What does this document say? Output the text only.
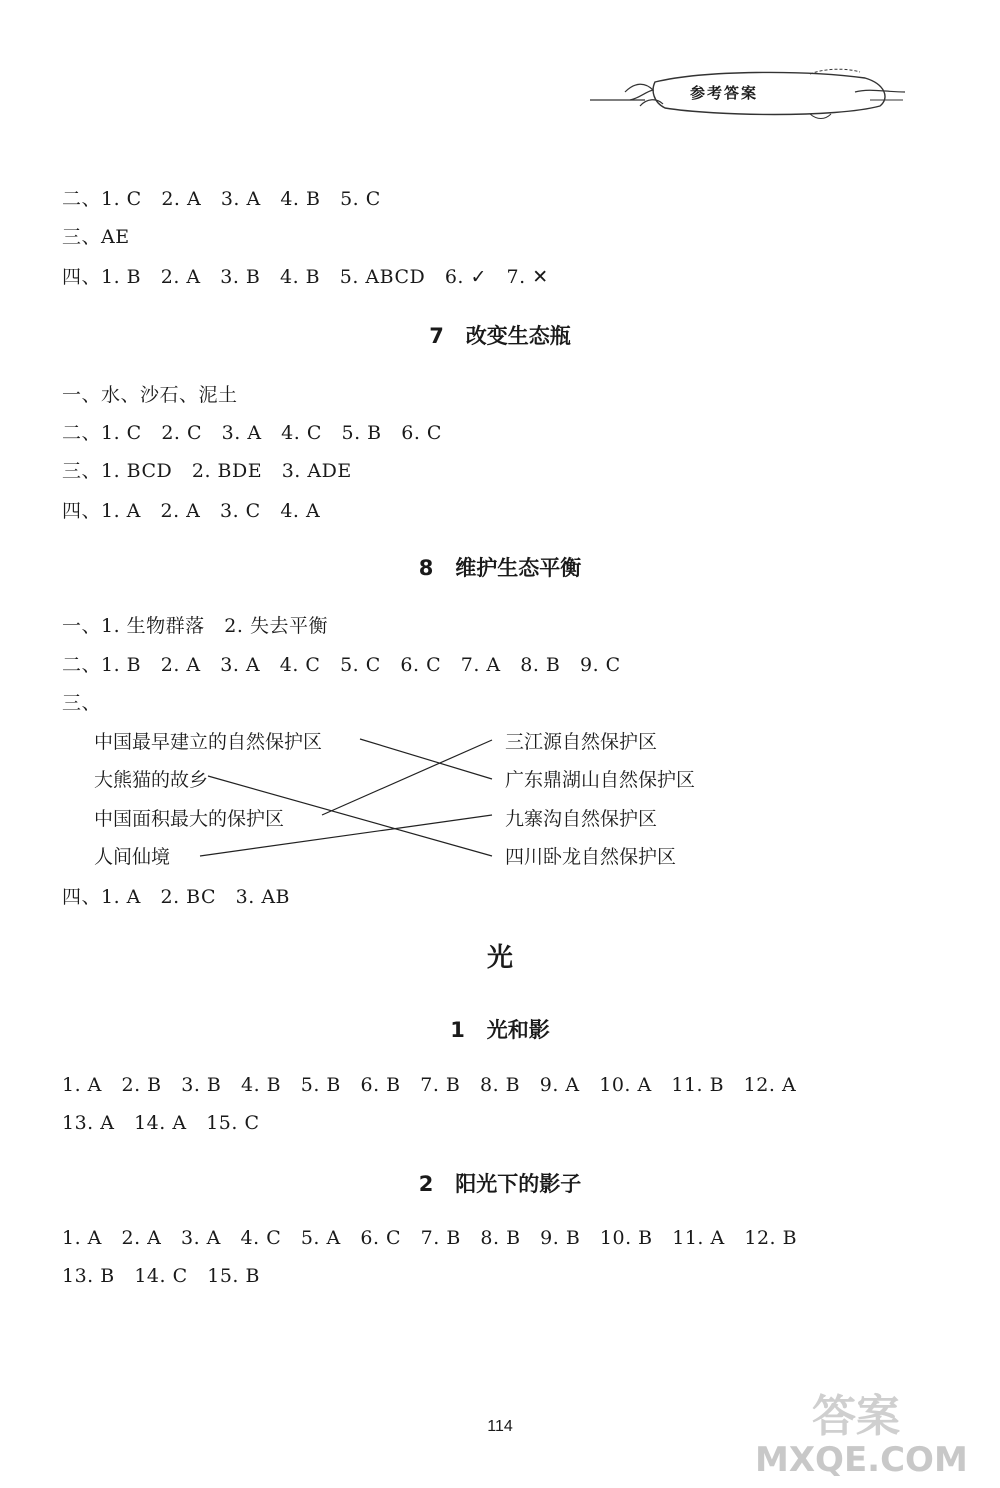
参考答案
二、1. C   2. A   3. A   4. B   5. C
三、AE
四、1. B   2. A   3. B   4. B   5. ABCD   6. ✓   7. ✕
7   改变生态瓶
一、水、沙石、泥土
二、1. C   2. C   3. A   4. C   5. B   6. C
三、1. BCD   2. BDE   3. ADE
四、1. A   2. A   3. C   4. A
8   维护生态平衡
一、1. 生物群落   2. 失去平衡
二、1. B   2. A   3. A   4. C   5. C   6. C   7. A   8. B   9. C
三、
中国最早建立的自然保护区
大熊猫的故乡
中国面积最大的保护区
人间仙境
三江源自然保护区
广东鼎湖山自然保护区
九寨沟自然保护区
四川卧龙自然保护区
四、1. A   2. BC   3. AB
光
1   光和影
1. A   2. B   3. B   4. B   5. B   6. B   7. B   8. B   9. A   10. A   11. B   12. A
13. A   14. A   15. C
2   阳光下的影子
1. A   2. A   3. A   4. C   5. A   6. C   7. B   8. B   9. B   10. B   11. A   12. B
13. B   14. C   15. B
114	答案
MXQE.COM
